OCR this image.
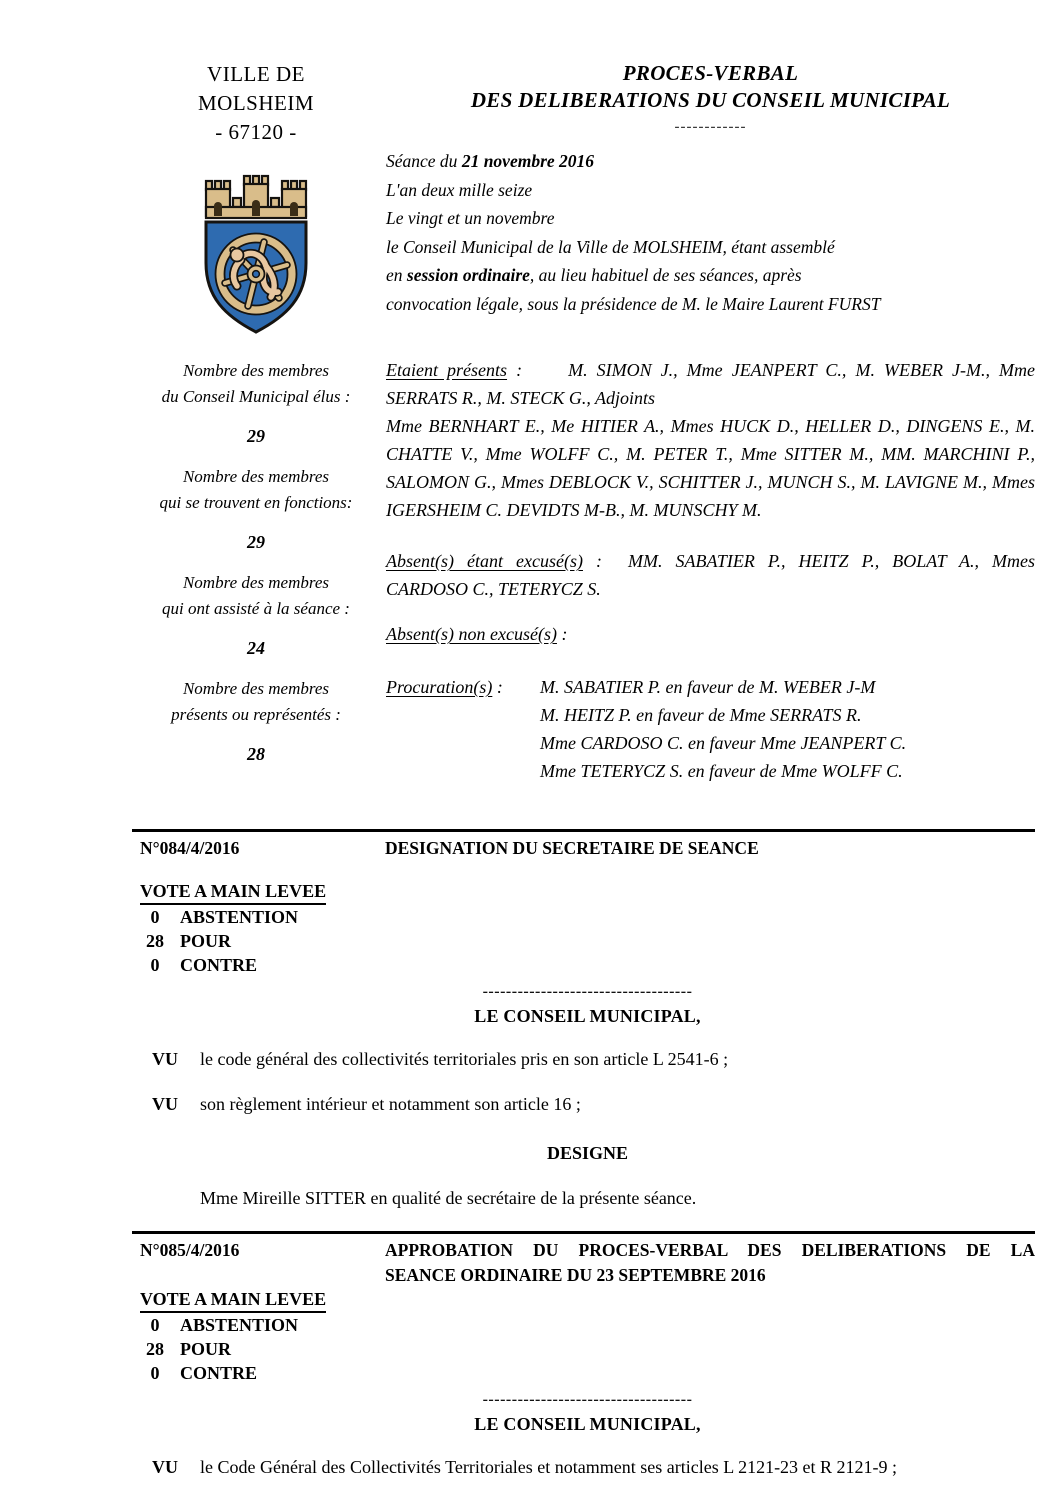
VILLE DE
MOLSHEIM
- 67120 -
PROCES-VERBAL
DES DELIBERATIONS DU CONSEIL MUNICIPAL
------------
Séance du 21 novembre 2016
L'an deux mille seize
Le vingt et un novembre
le Conseil Municipal de la Ville de MOLSHEIM, étant assemblé
en session ordinaire, au lieu habituel de ses séances, après
convocation légale, sous la présidence de M. le Maire Laurent FURST
Nombre des membres
du Conseil Municipal élus :
29
Nombre des membres
qui se trouvent en fonctions:
29
Nombre des membres
qui ont assisté à la séance :
24
Nombre des membres
présents ou représentés :
28

Etaient présents :	M. SIMON J., Mme JEANPERT C., M. WEBER J-M., Mme SERRATS R., M. STECK G., Adjoints
Mme BERNHART E., Me HITIER A., Mmes HUCK D., HELLER D., DINGENS E., M. CHATTE V., Mme WOLFF C., M. PETER T., Mme SITTER M., MM. MARCHINI P., SALOMON G., Mmes DEBLOCK V., SCHITTER J., MUNCH S., M. LAVIGNE M., Mmes IGERSHEIM C. DEVIDTS M-B., M. MUNSCHY M.

Absent(s) étant excusé(s) : MM. SABATIER P., HEITZ P., BOLAT A., Mmes CARDOSO C., TETERYCZ S.

Absent(s) non excusé(s) :

Procuration(s) :	M. SABATIER P. en faveur de M. WEBER J-M
M. HEITZ P. en faveur de Mme SERRATS R.
Mme CARDOSO C. en faveur Mme JEANPERT C.
Mme TETERYCZ S. en faveur de Mme WOLFF C.
N°084/4/2016	DESIGNATION DU SECRETAIRE DE SEANCE
VOTE A MAIN LEVEE
0	ABSTENTION
28 POUR
0	CONTRE
------------------------------------
LE CONSEIL MUNICIPAL,
VU	le code général des collectivités territoriales pris en son article L 2541-6 ;
VU	son règlement intérieur et notamment son article 16 ;
DESIGNE
Mme Mireille SITTER en qualité de secrétaire de la présente séance.
N°085/4/2016	APPROBATION DU PROCES-VERBAL DES DELIBERATIONS DE LA
SEANCE ORDINAIRE DU 23 SEPTEMBRE 2016
VOTE A MAIN LEVEE
0	ABSTENTION
28 POUR
0	CONTRE
------------------------------------
LE CONSEIL MUNICIPAL,
VU	le Code Général des Collectivités Territoriales et notamment ses articles L 2121-23 et R 2121-9 ;
